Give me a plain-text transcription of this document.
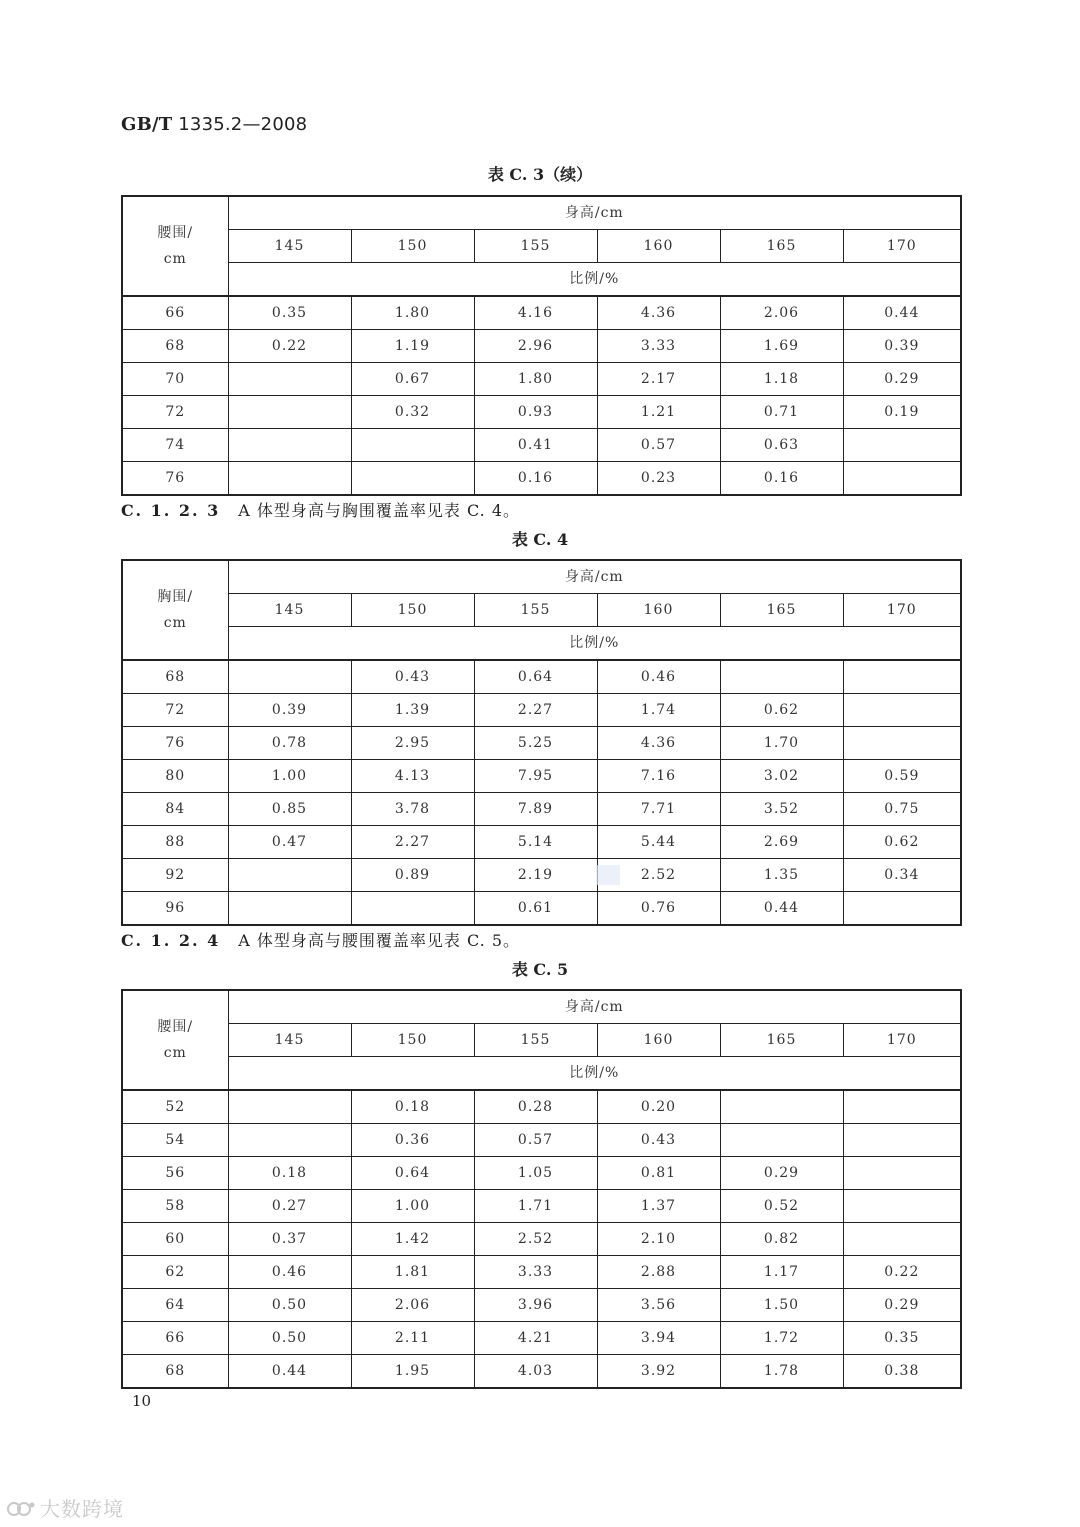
GB/T 1335.2—2008
表 C. 3（续）
腰围/
cm	身高/cm					
	145	150	155	160	165	170
	比例/%					
66	0.35	1.80	4.16	4.36	2.06	0.44
68	0.22	1.19	2.96	3.33	1.69	0.39
70		0.67	1.80	2.17	1.18	0.29
72		0.32	0.93	1.21	0.71	0.19
74			0.41	0.57	0.63	
76			0.16	0.23	0.16	
C. 1. 2. 3 A 体型身高与胸围覆盖率见表 C. 4。
表 C. 4
胸围/
cm	身高/cm					
	145	150	155	160	165	170
	比例/%					
68		0.43	0.64	0.46		
72	0.39	1.39	2.27	1.74	0.62	
76	0.78	2.95	5.25	4.36	1.70	
80	1.00	4.13	7.95	7.16	3.02	0.59
84	0.85	3.78	7.89	7.71	3.52	0.75
88	0.47	2.27	5.14	5.44	2.69	0.62
92		0.89	2.19	2.52	1.35	0.34
96			0.61	0.76	0.44	
C. 1. 2. 4 A 体型身高与腰围覆盖率见表 C. 5。
表 C. 5
腰围/
cm	身高/cm					
	145	150	155	160	165	170
	比例/%					
52		0.18	0.28	0.20		
54		0.36	0.57	0.43		
56	0.18	0.64	1.05	0.81	0.29	
58	0.27	1.00	1.71	1.37	0.52	
60	0.37	1.42	2.52	2.10	0.82	
62	0.46	1.81	3.33	2.88	1.17	0.22
64	0.50	2.06	3.96	3.56	1.50	0.29
66	0.50	2.11	4.21	3.94	1.72	0.35
68	0.44	1.95	4.03	3.92	1.78	0.38
10
大数跨境
